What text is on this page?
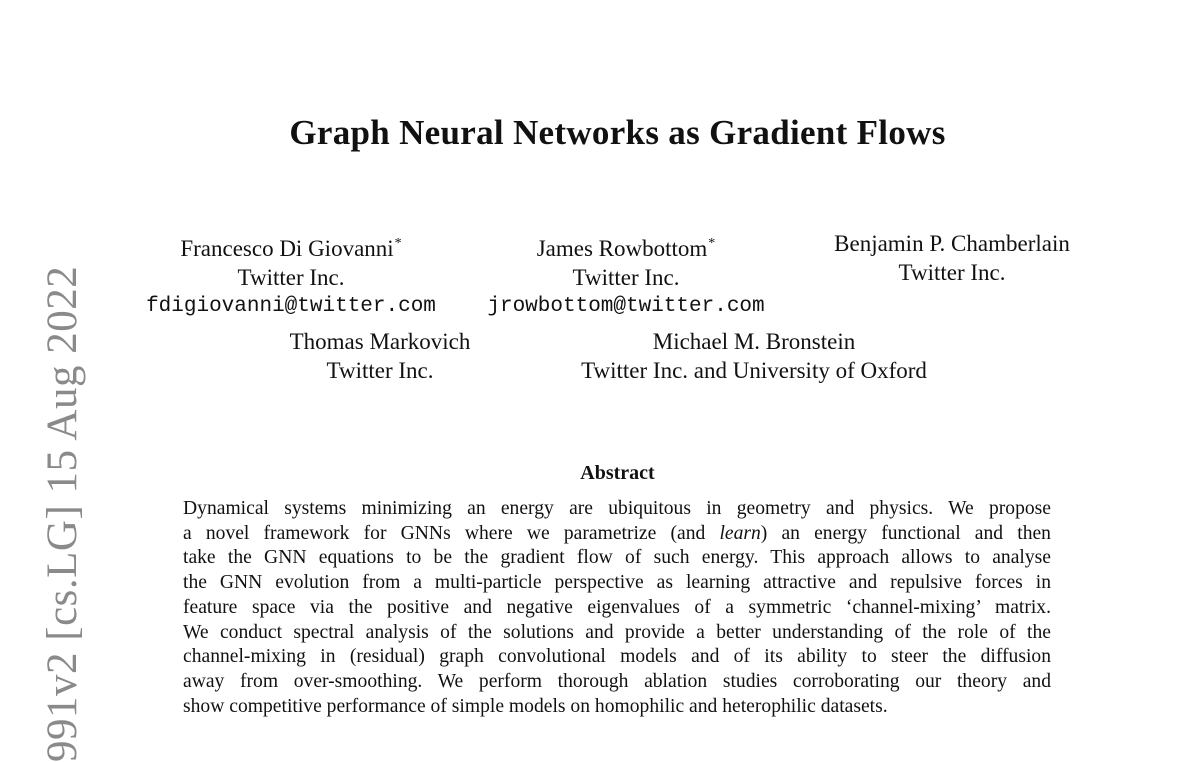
991v2 [cs.LG] 15 Aug 2022
Graph Neural Networks as Gradient Flows
Francesco Di Giovanni*
Twitter Inc.
fdigiovanni@twitter.com
James Rowbottom*
Twitter Inc.
jrowbottom@twitter.com
Benjamin P. Chamberlain
Twitter Inc.
Thomas Markovich
Twitter Inc.
Michael M. Bronstein
Twitter Inc. and University of Oxford
Abstract
Dynamical systems minimizing an energy are ubiquitous in geometry and physics. We propose
a novel framework for GNNs where we parametrize (and learn) an energy functional and then
take the GNN equations to be the gradient flow of such energy. This approach allows to analyse
the GNN evolution from a multi-particle perspective as learning attractive and repulsive forces in
feature space via the positive and negative eigenvalues of a symmetric ‘channel-mixing’ matrix.
We conduct spectral analysis of the solutions and provide a better understanding of the role of the
channel-mixing in (residual) graph convolutional models and of its ability to steer the diffusion
away from over-smoothing. We perform thorough ablation studies corroborating our theory and
show competitive performance of simple models on homophilic and heterophilic datasets.
